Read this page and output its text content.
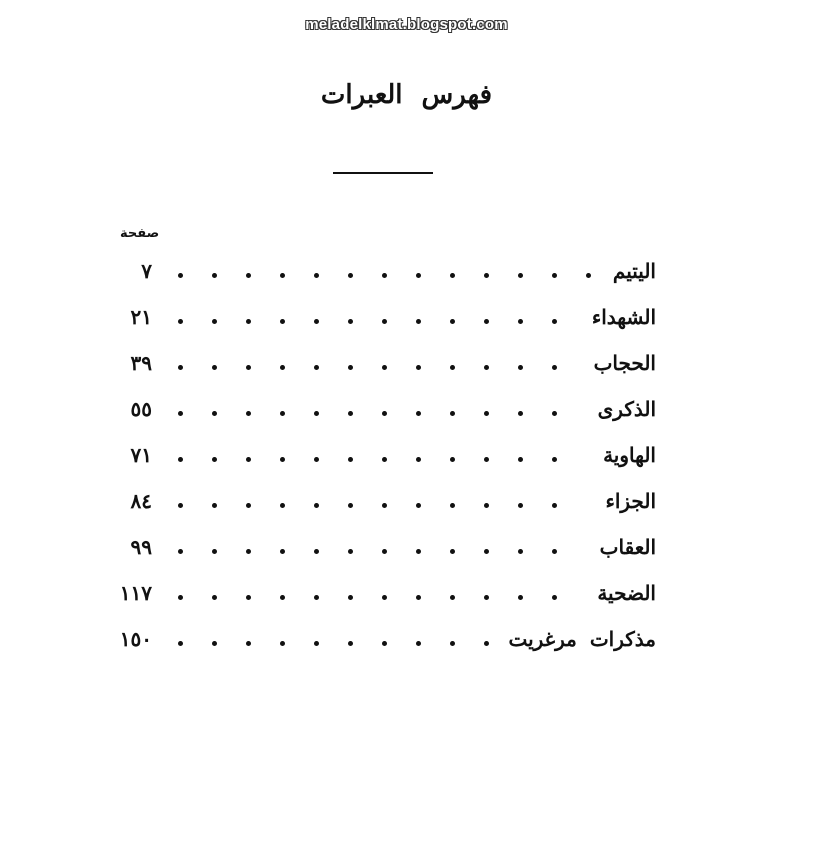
meladelklmat.blogspot.com
فهرس العبرات
صفحة
اليتيم
٧
الشهداء
٢١
الحجاب
٣٩
الذكرى
٥٥
الهاوية
٧١
الجزاء
٨٤
العقاب
٩٩
الضحية
١١٧
مذكرات مرغريت
١٥٠
